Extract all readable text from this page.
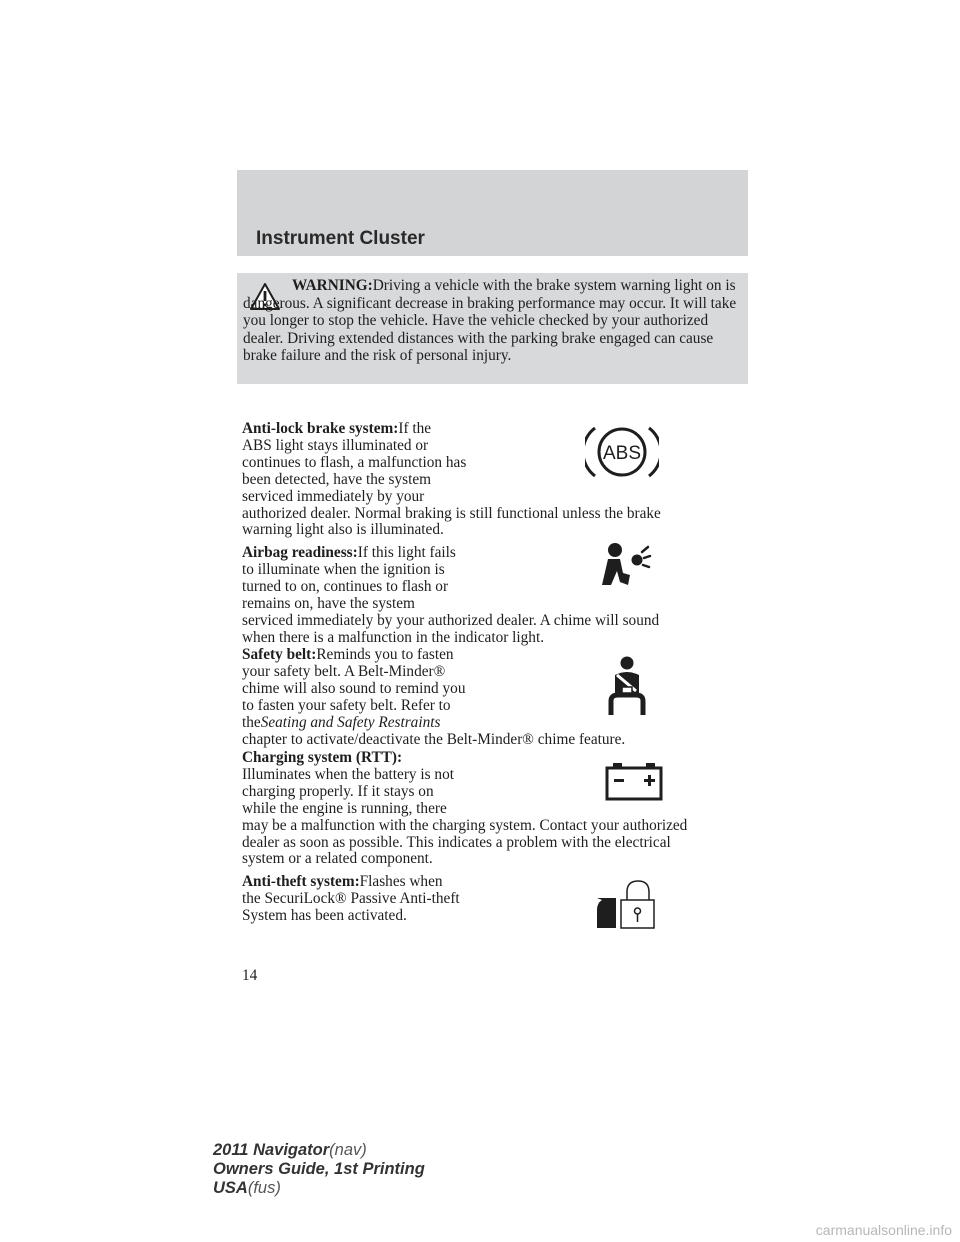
Instrument Cluster
WARNING:Driving a vehicle with the brake system warning light on is dangerous. A significant decrease in braking performance may occur. It will take you longer to stop the vehicle. Have the vehicle checked by your authorized dealer. Driving extended distances with the parking brake engaged can cause brake failure and the risk of personal injury.

Anti-lock brake system:If the

ABS light stays illuminated or

continues to flash, a malfunction has

been detected, have the system

serviced immediately by your

authorized dealer. Normal braking is still functional unless the brake

warning light also is illuminated.

ABS

Airbag readiness:If this light fails

to illuminate when the ignition is

turned to on, continues to flash or

remains on, have the system

serviced immediately by your authorized dealer. A chime will sound

when there is a malfunction in the indicator light.

Safety belt:Reminds you to fasten

your safety belt. A Belt-Minder®

chime will also sound to remind you

to fasten your safety belt. Refer to

theSeating and Safety Restraints

chapter to activate/deactivate the Belt-Minder® chime feature.

Charging system (RTT):

Illuminates when the battery is not

charging properly. If it stays on

while the engine is running, there

may be a malfunction with the charging system. Contact your authorized

dealer as soon as possible. This indicates a problem with the electrical

system or a related component.

Anti-theft system:Flashes when

the SecuriLock® Passive Anti-theft

System has been activated.

14
2011 Navigator(nav)
Owners Guide, 1st Printing
USA(fus)
carmanualsonline.info
